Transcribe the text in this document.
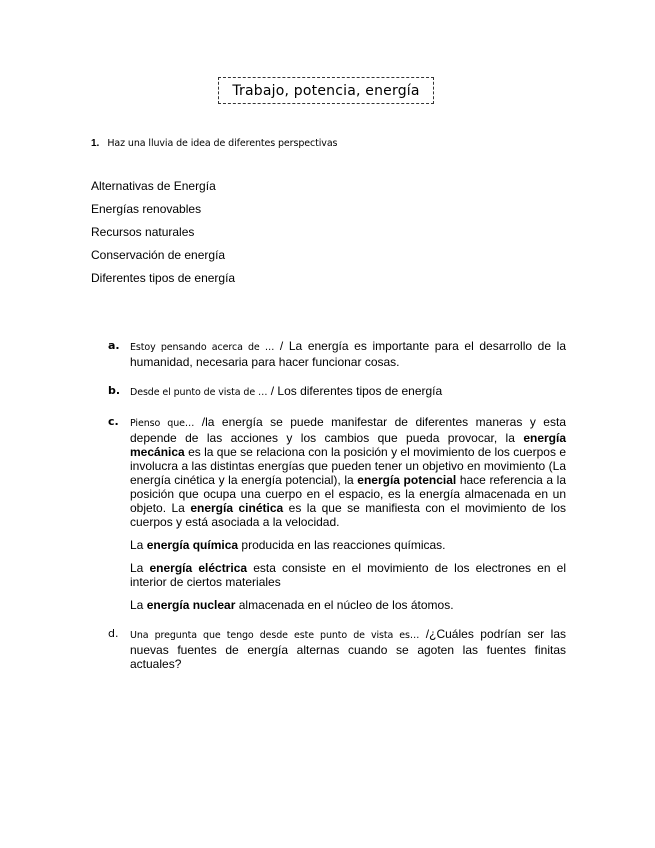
Trabajo, potencia, energía
1. Haz una lluvia de idea de diferentes perspectivas
Alternativas de Energía
Energías renovables
Recursos naturales
Conservación de energía
Diferentes tipos de energía
a.	Estoy pensando acerca de … / La energía es importante para el desarrollo de la humanidad, necesaria para hacer funcionar cosas.
b.	Desde el punto de vista de … / Los diferentes tipos de energía
c.	Pienso que… /la energía se puede manifestar de diferentes maneras y esta depende de las acciones y los cambios que pueda provocar, la energía mecánica es la que se relaciona con la posición y el movimiento de los cuerpos e involucra a las distintas energías que pueden tener un objetivo en movimiento (La energía cinética y la energía potencial), la energía potencial hace referencia a la posición que ocupa una cuerpo en el espacio, es la energía almacenada en un objeto. La energía cinética es la que se manifiesta con el movimiento de los cuerpos y está asociada a la velocidad.

La energía química producida en las reacciones químicas.

La energía eléctrica esta consiste en el movimiento de los electrones en el interior de ciertos materiales

La energía nuclear almacenada en el núcleo de los átomos.

d.	Una pregunta que tengo desde este punto de vista es… /¿Cuáles podrían ser las nuevas fuentes de energía alternas cuando se agoten las fuentes finitas actuales?
